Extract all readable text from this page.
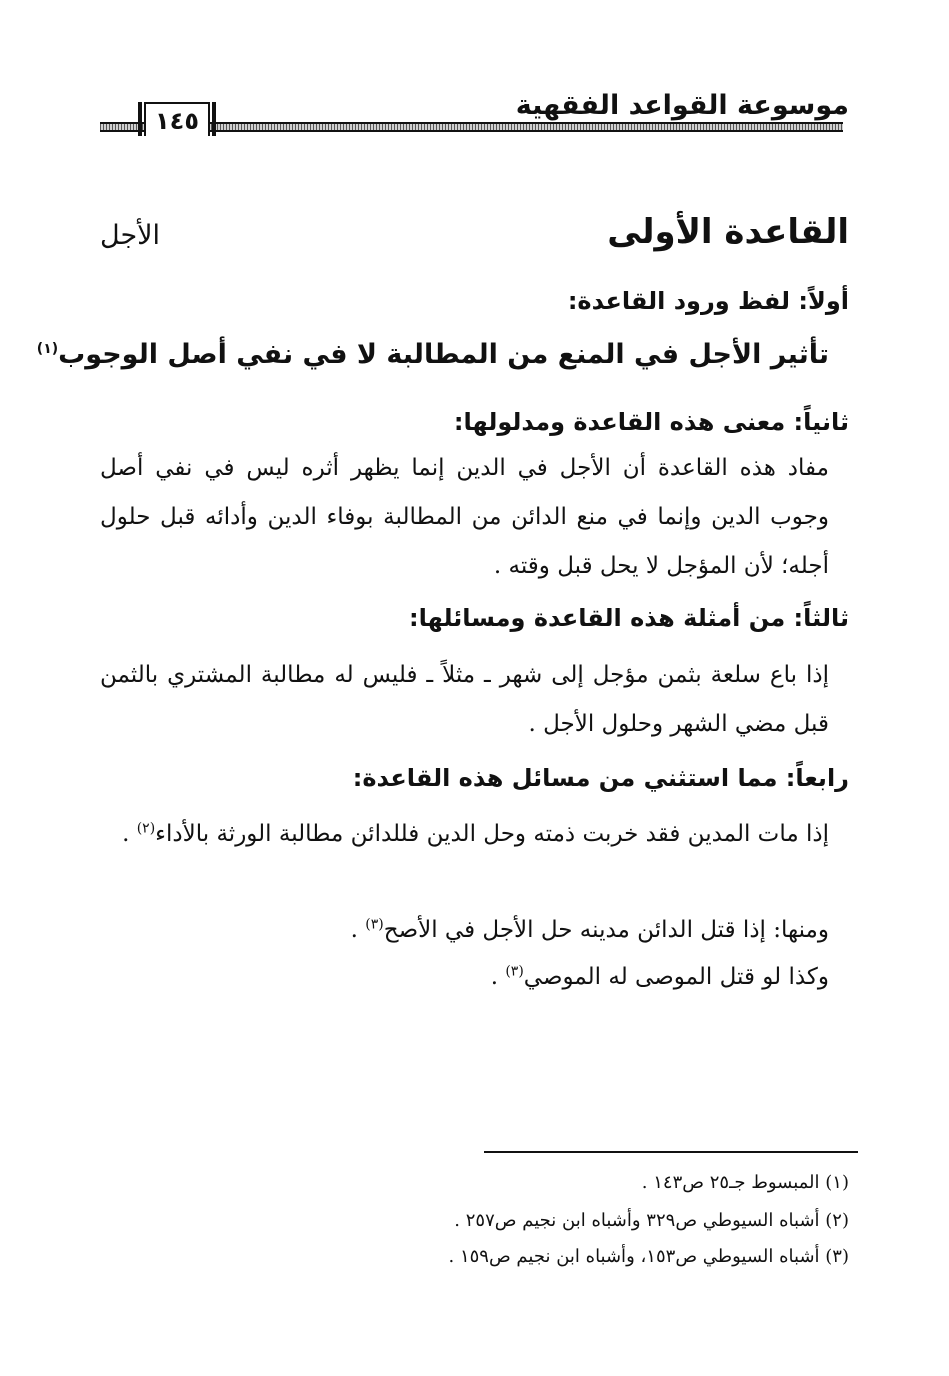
موسوعة القواعد الفقهية
١٤٥
القاعدة الأولى
الأجل
أولاً: لفظ ورود القاعدة:
تأثير الأجل في المنع من المطالبة لا في نفي أصل الوجوب$^{(١)}$
ثانياً: معنى هذه القاعدة ومدلولها:
مفاد هذه القاعدة أن الأجل في الدين إنما يظهر أثره ليس في نفي أصل وجوب الدين وإنما في منع الدائن من المطالبة بوفاء الدين وأدائه قبل حلول أجله؛ لأن المؤجل لا يحل قبل وقته .
ثالثاً: من أمثلة هذه القاعدة ومسائلها:
إذا باع سلعة بثمن مؤجل إلى شهر ـ مثلاً ـ فليس له مطالبة المشتري بالثمن قبل مضي الشهر وحلول الأجل .
رابعاً: مما استثني من مسائل هذه القاعدة:
إذا مات المدين فقد خربت ذمته وحل الدين فللدائن مطالبة الورثة بالأداء$^{(٢)}$ .
ومنها: إذا قتل الدائن مدينه حل الأجل في الأصح$^{(٣)}$ .
وكذا لو قتل الموصى له الموصي$^{(٣)}$ .
(١) المبسوط جـ٢٥ ص١٤٣ .
(٢) أشباه السيوطي ص٣٢٩ وأشباه ابن نجيم ص٢٥٧ .
(٣) أشباه السيوطي ص١٥٣، وأشباه ابن نجيم ص١٥٩ .
